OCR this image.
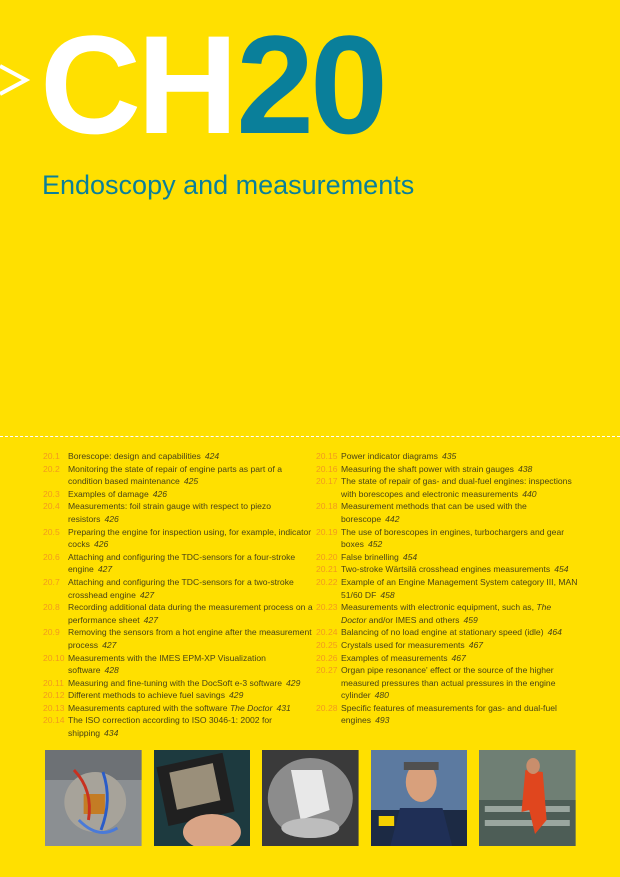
CH20
Endoscopy and measurements
20.1 Borescope: design and capabilities 424
20.2 Monitoring the state of repair of engine parts as part of a condition based maintenance 425
20.3 Examples of damage 426
20.4 Measurements: foil strain gauge with respect to piezo resistors 426
20.5 Preparing the engine for inspection using, for example, indicator cocks 426
20.6 Attaching and configuring the TDC-sensors for a four-stroke engine 427
20.7 Attaching and configuring the TDC-sensors for a two-stroke crosshead engine 427
20.8 Recording additional data during the measurement process on a performance sheet 427
20.9 Removing the sensors from a hot engine after the measurement process 427
20.10 Measurements with the IMES EPM-XP Visualization software 428
20.11 Measuring and fine-tuning with the DocSoft e-3 software 429
20.12 Different methods to achieve fuel savings 429
20.13 Measurements captured with the software The Doctor 431
20.14 The ISO correction according to ISO 3046-1: 2002 for shipping 434
20.15 Power indicator diagrams 435
20.16 Measuring the shaft power with strain gauges 438
20.17 The state of repair of gas- and dual-fuel engines: inspections with borescopes and electronic measurements 440
20.18 Measurement methods that can be used with the borescope 442
20.19 The use of borescopes in engines, turbochargers and gear boxes 452
20.20 False brinelling 454
20.21 Two-stroke Wärtsilä crosshead engines measurements 454
20.22 Example of an Engine Management System category III, MAN 51/60 DF 458
20.23 Measurements with electronic equipment, such as, The Doctor and/or IMES and others 459
20.24 Balancing of no load engine at stationary speed (idle) 464
20.25 Crystals used for measurements 467
20.26 Examples of measurements 467
20.27 Organ pipe resonance' effect or the source of the higher measured pressures than actual pressures in the engine cylinder 480
20.28 Specific features of measurements for gas- and dual-fuel engines 493
